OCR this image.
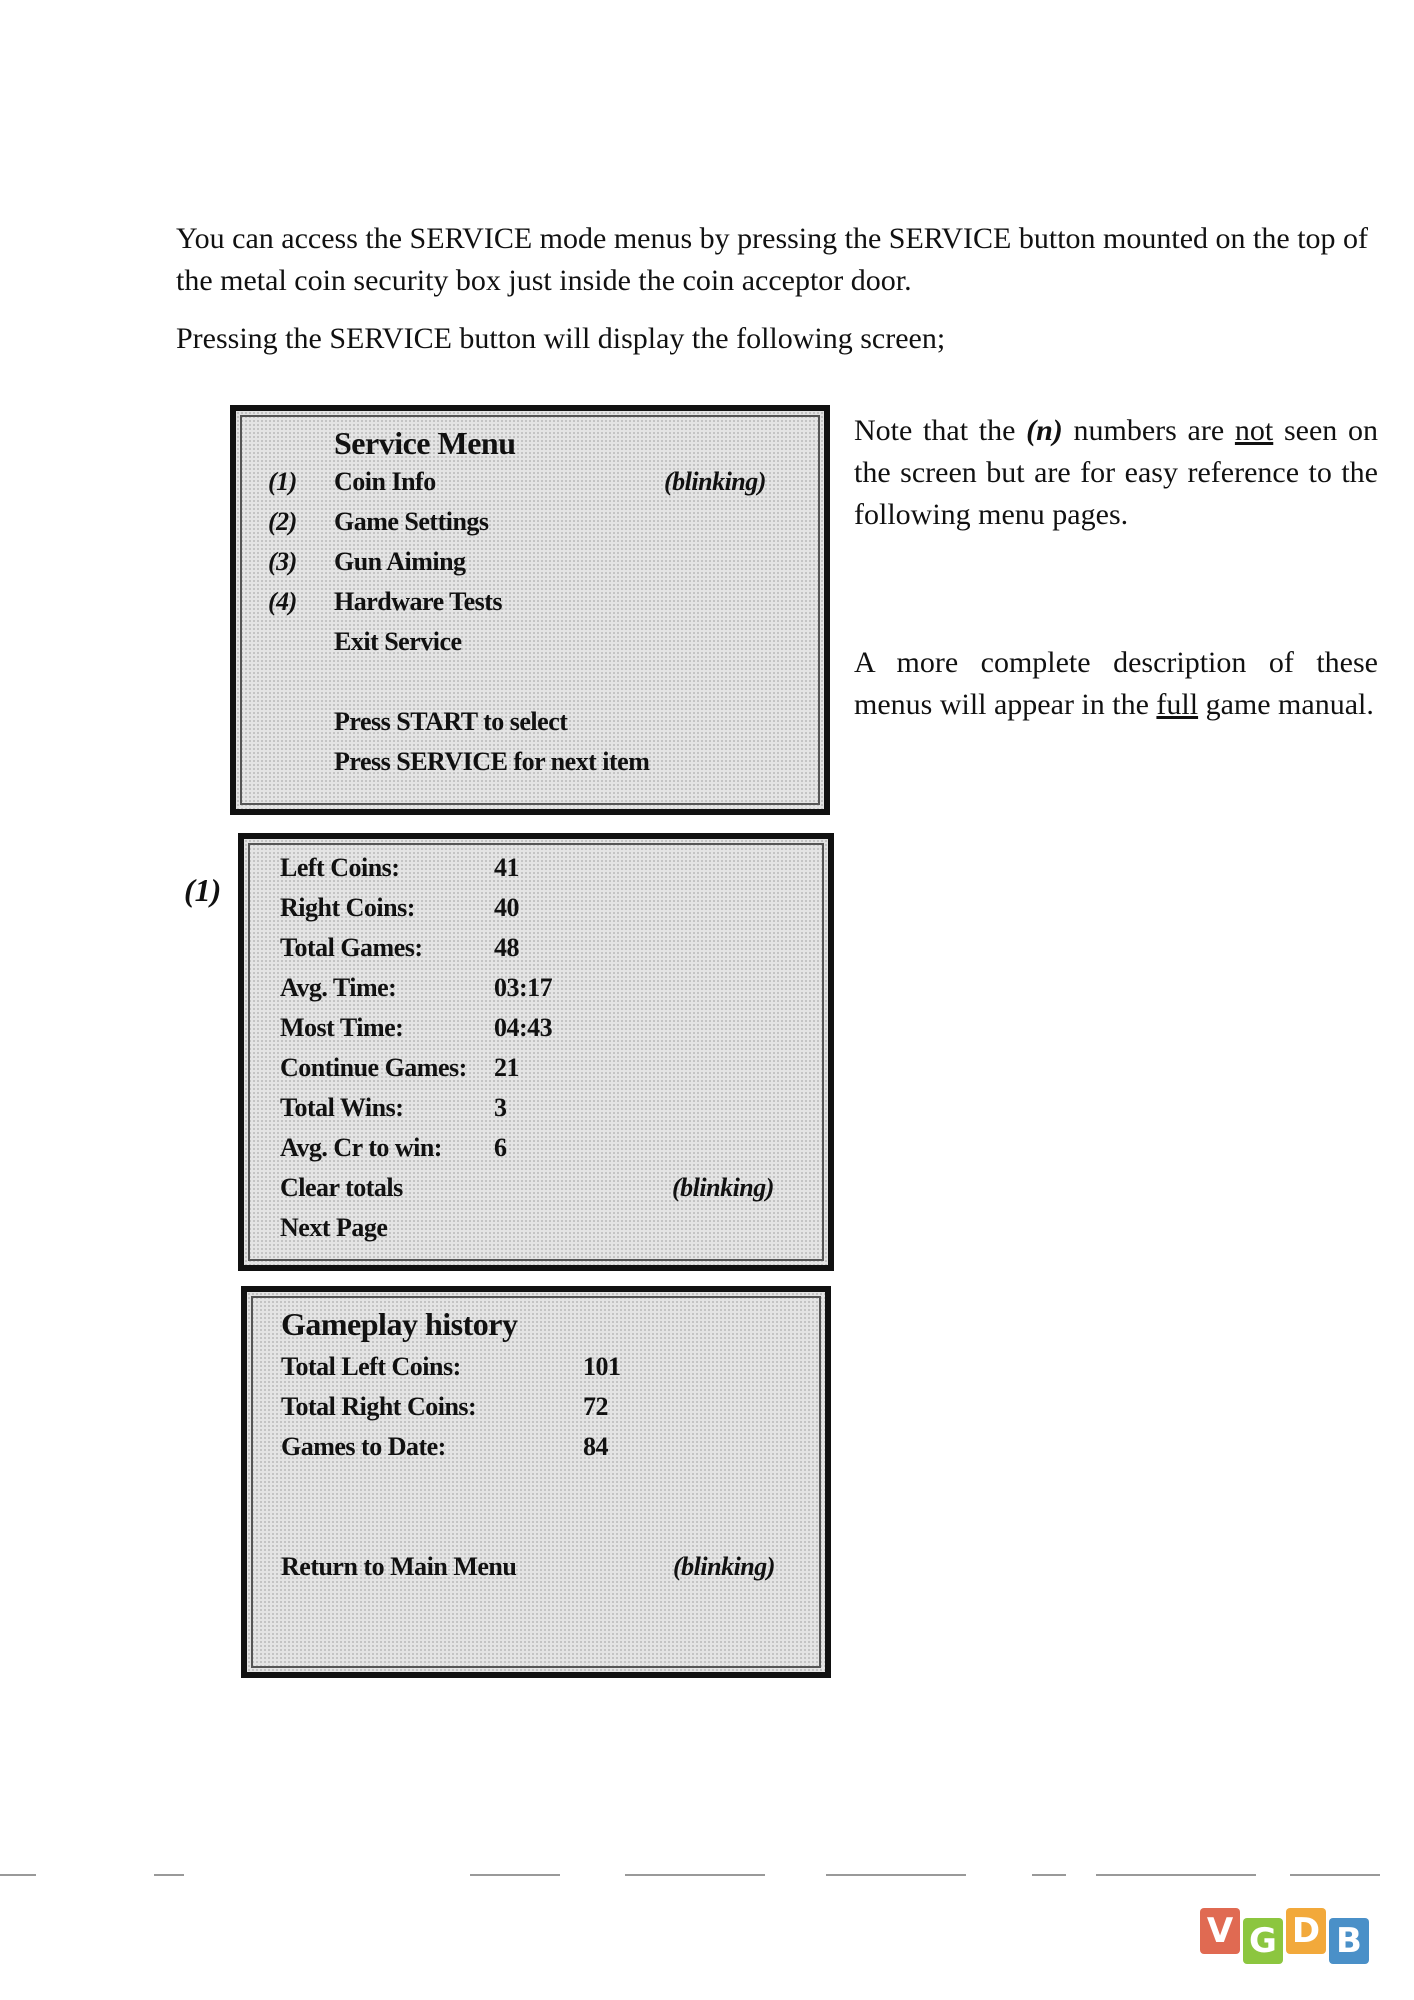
You can access the SERVICE mode menus by pressing the SERVICE button mounted on the top of the metal coin security box just inside the coin acceptor door.

Pressing the SERVICE button will display the following screen;

Service Menu
(1) Coin Info	(blinking)
(2) Game Settings
(3) Gun Aiming
(4) Hardware Tests
Exit Service
Press START to select
Press SERVICE for next item
(1)
Left Coins:	41
Right Coins:	40
Total Games:	48
Avg. Time:	03:17
Most Time:	04:43
Continue Games: 21
Total Wins:	3
Avg. Cr to win: 6
Clear totals	(blinking)
Next Page
Gameplay history
Total Left Coins:	101
Total Right Coins:	72
Games to Date:	84
Return to Main Menu	(blinking)

Note that the (n) numbers are not seen on the screen but are for easy reference to the following menu pages.

A more complete description of these menus will appear in the full game manual.

V G D B
